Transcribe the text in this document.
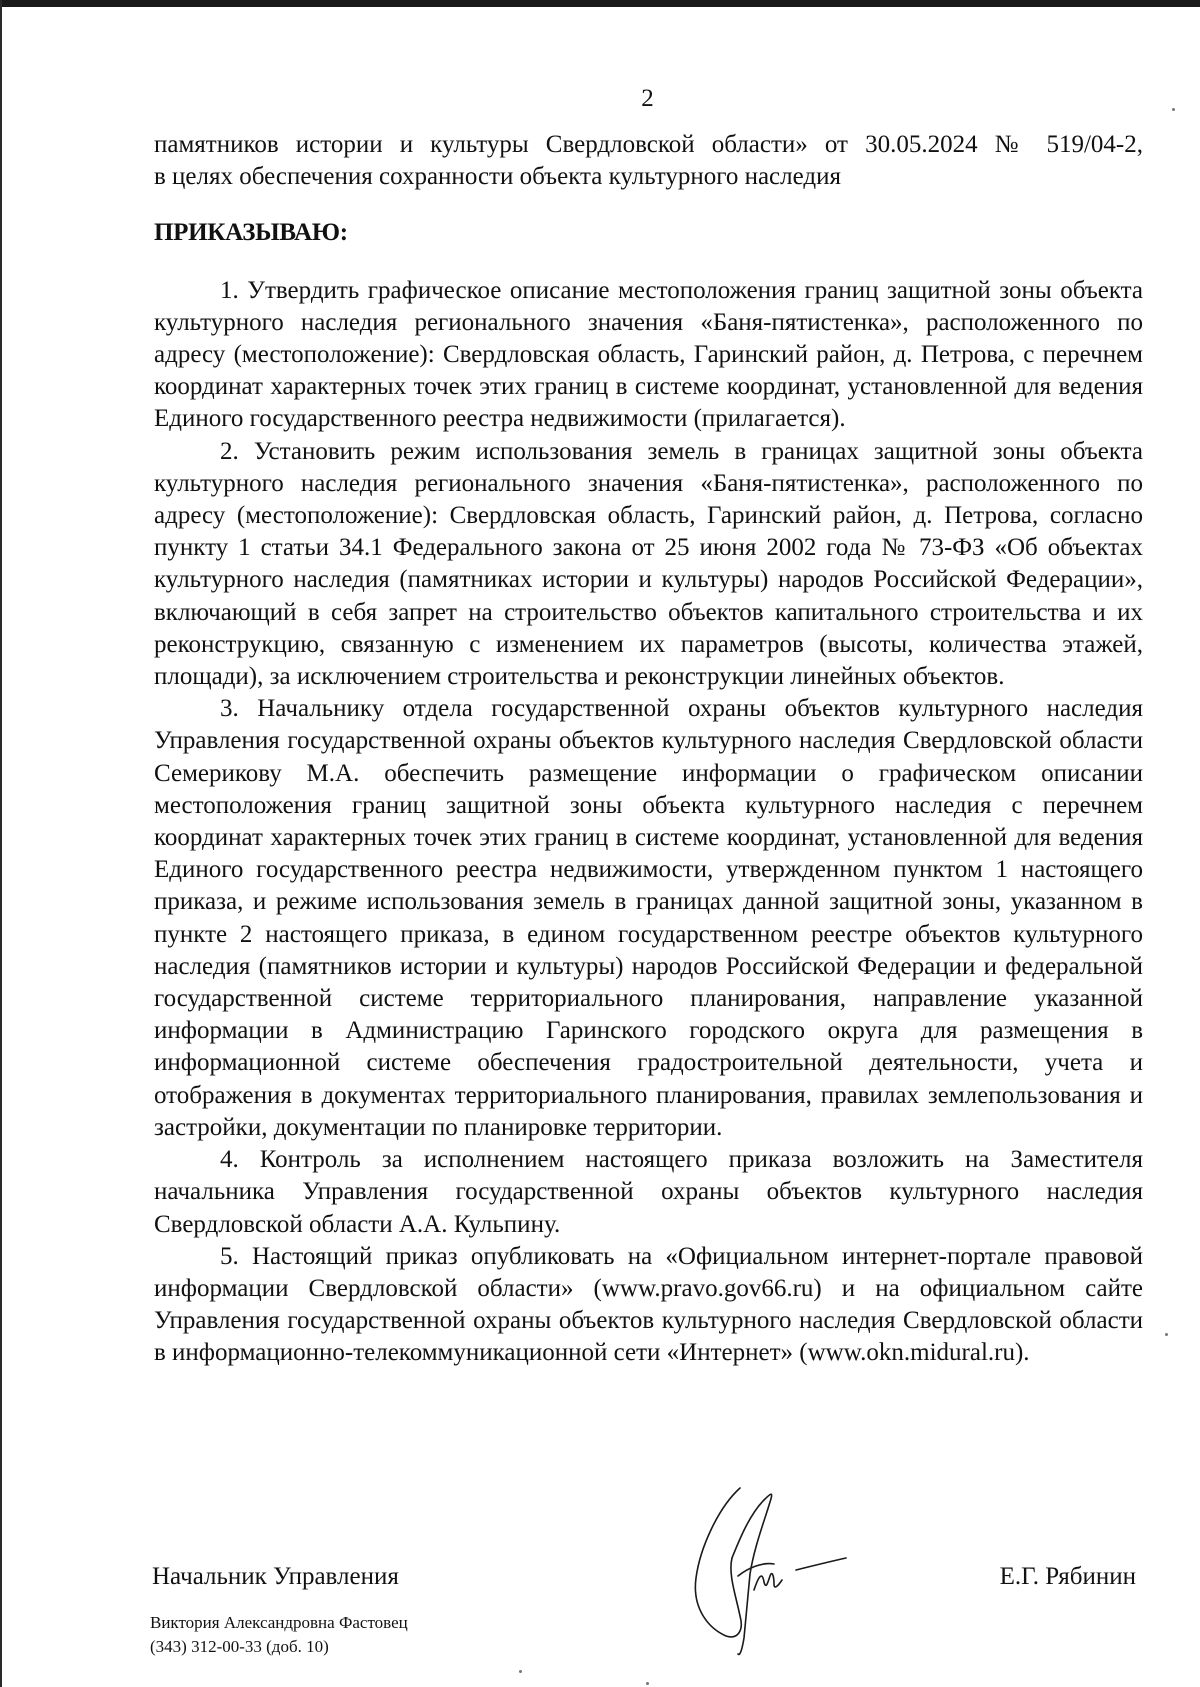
2

памятников истории и культуры Свердловской области» от 30.05.2024 № 519/04-2,

в целях обеспечения сохранности объекта культурного наследия

ПРИКАЗЫВАЮ:

1. Утвердить графическое описание местоположения границ защитной зоны объекта культурного наследия регионального значения «Баня-пятистенка», расположенного по адресу (местоположение): Свердловская область, Гаринский район, д. Петрова, с перечнем координат характерных точек этих границ в системе координат, установленной для ведения Единого государственного реестра недвижимости (прилагается).

2. Установить режим использования земель в границах защитной зоны объекта культурного наследия регионального значения «Баня-пятистенка», расположенного по адресу (местоположение): Свердловская область, Гаринский район, д. Петрова, согласно пункту 1 статьи 34.1 Федерального закона от 25 июня 2002 года № 73-ФЗ «Об объектах культурного наследия (памятниках истории и культуры) народов Российской Федерации», включающий в себя запрет на строительство объектов капитального строительства и их реконструкцию, связанную с изменением их параметров (высоты, количества этажей, площади), за исключением строительства и реконструкции линейных объектов.

3. Начальнику отдела государственной охраны объектов культурного наследия Управления государственной охраны объектов культурного наследия Свердловской области Семерикову М.А. обеспечить размещение информации о графическом описании местоположения границ защитной зоны объекта культурного наследия с перечнем координат характерных точек этих границ в системе координат, установленной для ведения Единого государственного реестра недвижимости, утвержденном пунктом 1 настоящего приказа, и режиме использования земель в границах данной защитной зоны, указанном в пункте 2 настоящего приказа, в едином государственном реестре объектов культурного наследия (памятников истории и культуры) народов Российской Федерации и федеральной государственной системе территориального планирования, направление указанной информации в Администрацию Гаринского городского округа для размещения в информационной системе обеспечения градостроительной деятельности, учета и отображения в документах территориального планирования, правилах землепользования и застройки, документации по планировке территории.

4. Контроль за исполнением настоящего приказа возложить на Заместителя начальника Управления государственной охраны объектов культурного наследия Свердловской области А.А. Кульпину.

5. Настоящий приказ опубликовать на «Официальном интернет-портале правовой информации Свердловской области» (www.pravo.gov66.ru) и на официальном сайте Управления государственной охраны объектов культурного наследия Свердловской области в информационно-телекоммуникационной сети «Интернет» (www.okn.midural.ru).

Начальник Управления	Е.Г. Рябинин
Виктория Александровна Фастовец
(343) 312-00-33 (доб. 10)
